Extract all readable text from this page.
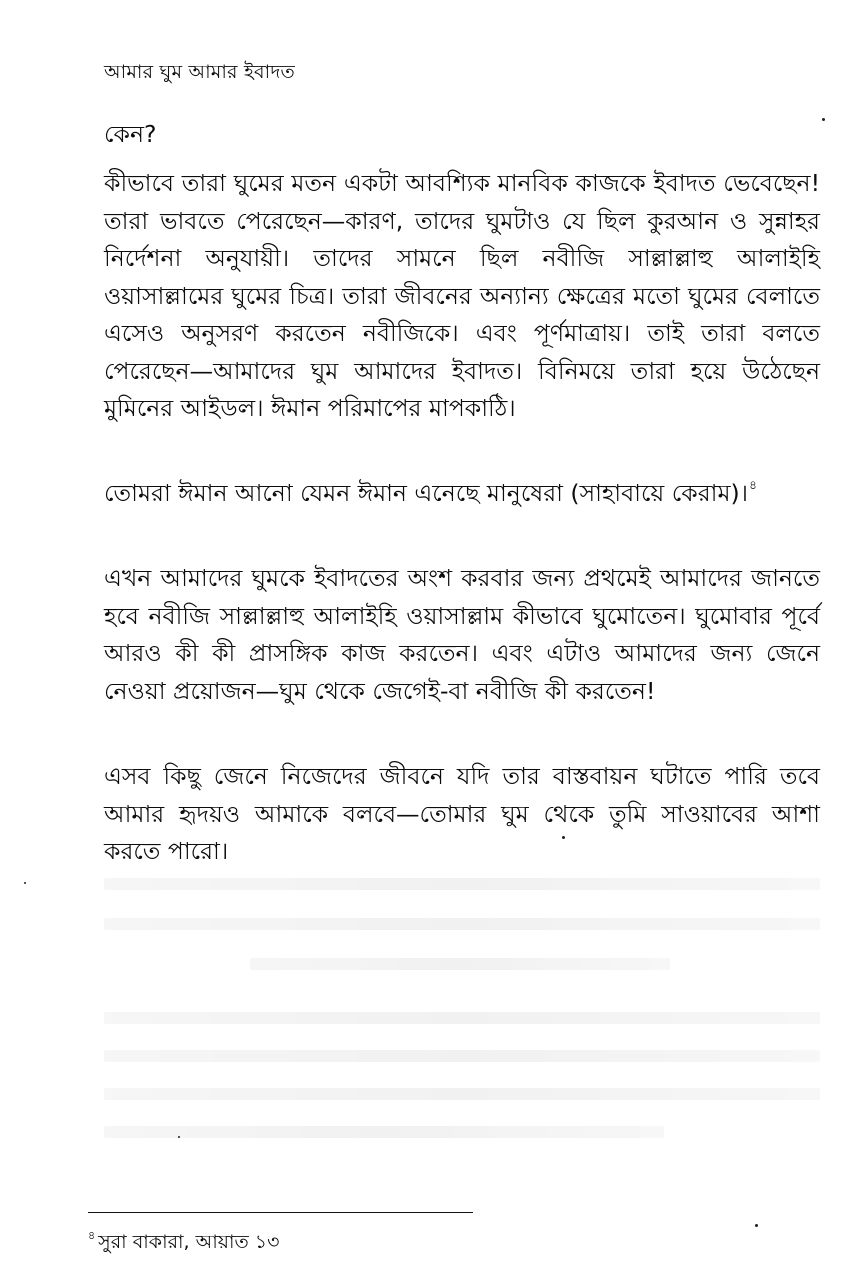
আমার ঘুম আমার ইবাদত
কেন?

কীভাবে তারা ঘুমের মতন একটা আবশ্যিক মানবিক কাজকে ইবাদত ভেবেছেন! তারা ভাবতে পেরেছেন—কারণ, তাদের ঘুমটাও যে ছিল কুরআন ও সুন্নাহর নির্দেশনা অনুযায়ী। তাদের সামনে ছিল নবীজি সাল্লাল্লাহু আলাইহি ওয়াসাল্লামের ঘুমের চিত্র। তারা জীবনের অন্যান্য ক্ষেত্রের মতো ঘুমের বেলাতে এসেও অনুসরণ করতেন নবীজিকে। এবং পূর্ণমাত্রায়। তাই তারা বলতে পেরেছেন—আমাদের ঘুম আমাদের ইবাদত। বিনিময়ে তারা হয়ে উঠেছেন মুমিনের আইডল। ঈমান পরিমাপের মাপকাঠি।

তোমরা ঈমান আনো যেমন ঈমান এনেছে মানুষেরা (সাহাবায়ে কেরাম)।$^৪$

এখন আমাদের ঘুমকে ইবাদতের অংশ করবার জন্য প্রথমেই আমাদের জানতে হবে নবীজি সাল্লাল্লাহু আলাইহি ওয়াসাল্লাম কীভাবে ঘুমোতেন। ঘুমোবার পূর্বে আরও কী কী প্রাসঙ্গিক কাজ করতেন। এবং এটাও আমাদের জন্য জেনে নেওয়া প্রয়োজন—ঘুম থেকে জেগেই-বা নবীজি কী করতেন!

এসব কিছু জেনে নিজেদের জীবনে যদি তার বাস্তবায়ন ঘটাতে পারি তবে আমার হৃদয়ও আমাকে বলবে—তোমার ঘুম থেকে তুমি সাওয়াবের আশা করতে পারো।

$^৪$ সুরা বাকারা, আয়াত ১৩
